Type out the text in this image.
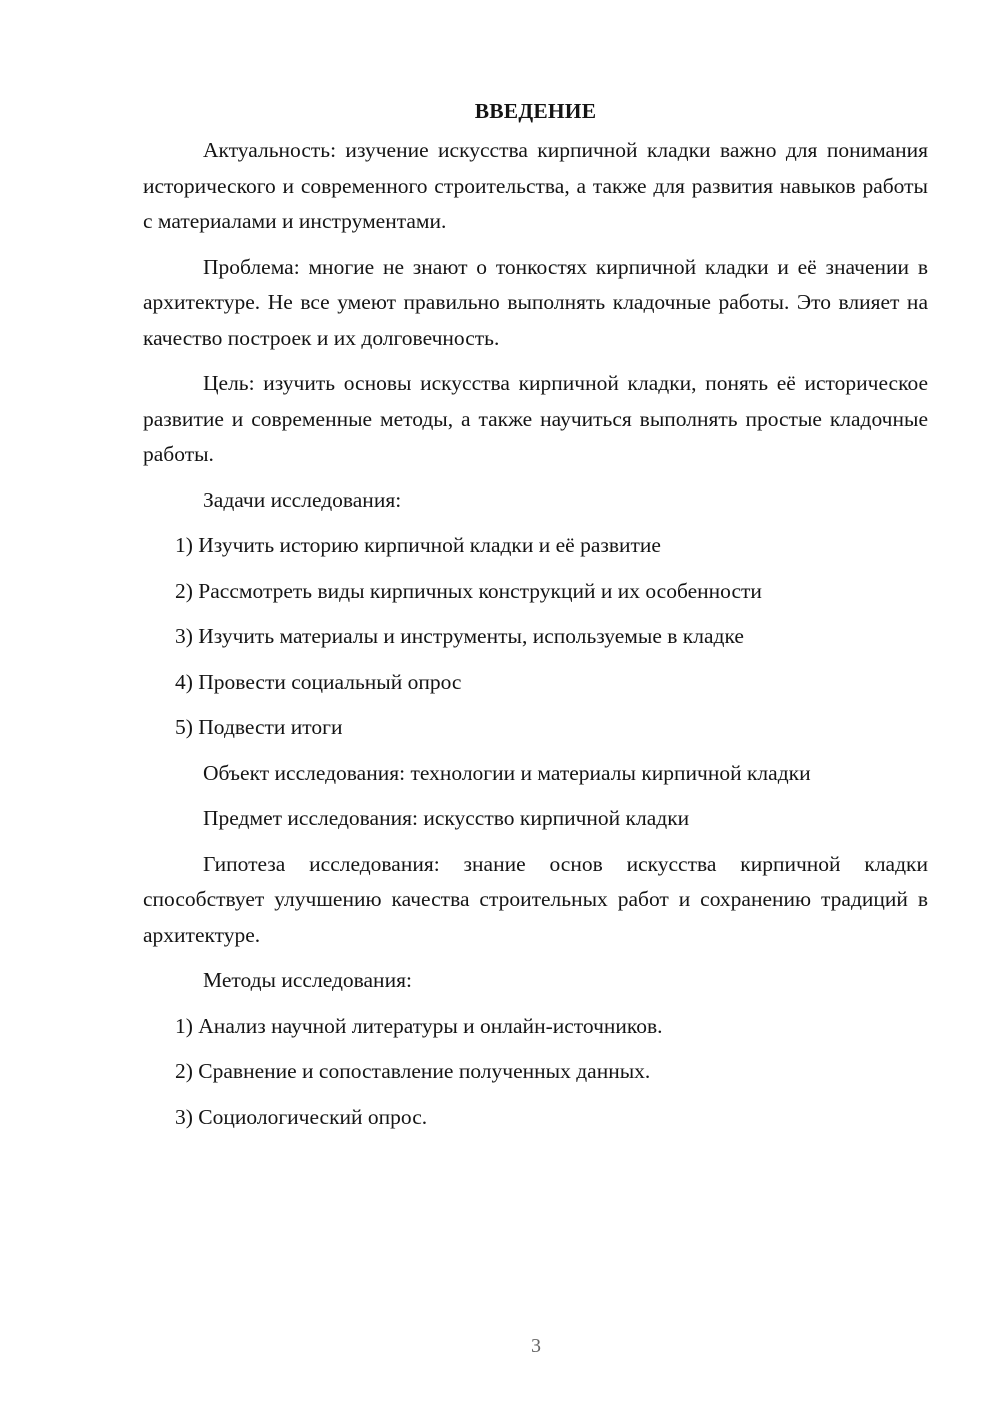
ВВЕДЕНИЕ

Актуальность: изучение искусства кирпичной кладки важно для понимания исторического и современного строительства, а также для развития навыков работы с материалами и инструментами.

Проблема: многие не знают о тонкостях кирпичной кладки и её значении в архитектуре. Не все умеют правильно выполнять кладочные работы. Это влияет на качество построек и их долговечность.

Цель: изучить основы искусства кирпичной кладки, понять её историческое развитие и современные методы, а также научиться выполнять простые кладочные работы.

Задачи исследования:

1) Изучить историю кирпичной кладки и её развитие

2) Рассмотреть виды кирпичных конструкций и их особенности

3) Изучить материалы и инструменты, используемые в кладке

4) Провести социальный опрос

5) Подвести итоги

Объект исследования: технологии и материалы кирпичной кладки

Предмет исследования: искусство кирпичной кладки

Гипотеза исследования: знание основ искусства кирпичной кладки способствует улучшению качества строительных работ и сохранению традиций в архитектуре.

Методы исследования:

1) Анализ научной литературы и онлайн-источников.

2) Сравнение и сопоставление полученных данных.

3) Социологический опрос.

3
